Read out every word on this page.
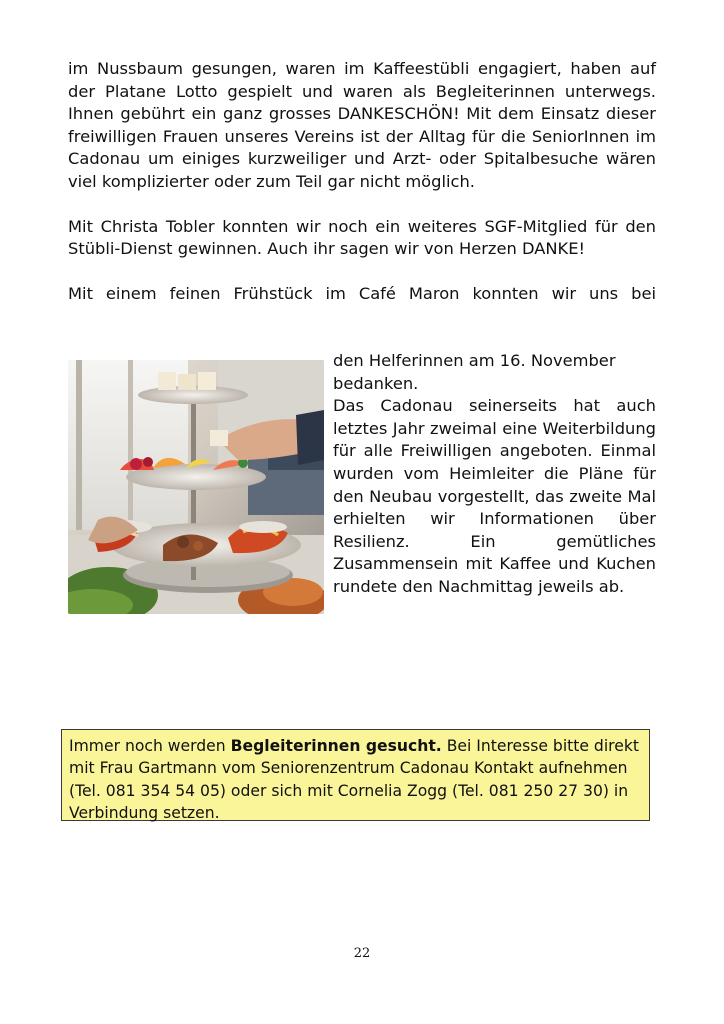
im Nussbaum gesungen, waren im Kaffeestübli engagiert, haben auf der Platane Lotto gespielt und waren als Begleiterinnen unterwegs. Ihnen gebührt ein ganz grosses DANKESCHÖN! Mit dem Einsatz dieser freiwilligen Frauen unseres Vereins ist der Alltag für die SeniorInnen im Cadonau um einiges kurzweiliger und Arzt- oder Spitalbesuche wären viel komplizierter oder zum Teil gar nicht möglich.

Mit Christa Tobler konnten wir noch ein weiteres SGF-Mitglied für den Stübli-Dienst gewinnen. Auch ihr sagen wir von Herzen DANKE!

Mit einem feinen Frühstück im Café Maron konnten wir uns bei

den Helferinnen am 16. November bedanken.

Das Cadonau seinerseits hat auch letztes Jahr zweimal eine Weiterbildung für alle Freiwilligen angeboten. Einmal wurden vom Heimleiter die Pläne für den Neubau vorgestellt, das zweite Mal erhielten wir Informationen über Resilienz. Ein gemütliches Zusammensein mit Kaffee und Kuchen rundete den Nachmittag jeweils ab.

Immer noch werden Begleiterinnen gesucht. Bei Interesse bitte direkt mit Frau Gartmann vom Seniorenzentrum Cadonau Kontakt aufnehmen (Tel. 081 354 54 05) oder sich mit Cornelia Zogg (Tel. 081 250 27 30) in Verbindung setzen.
22
